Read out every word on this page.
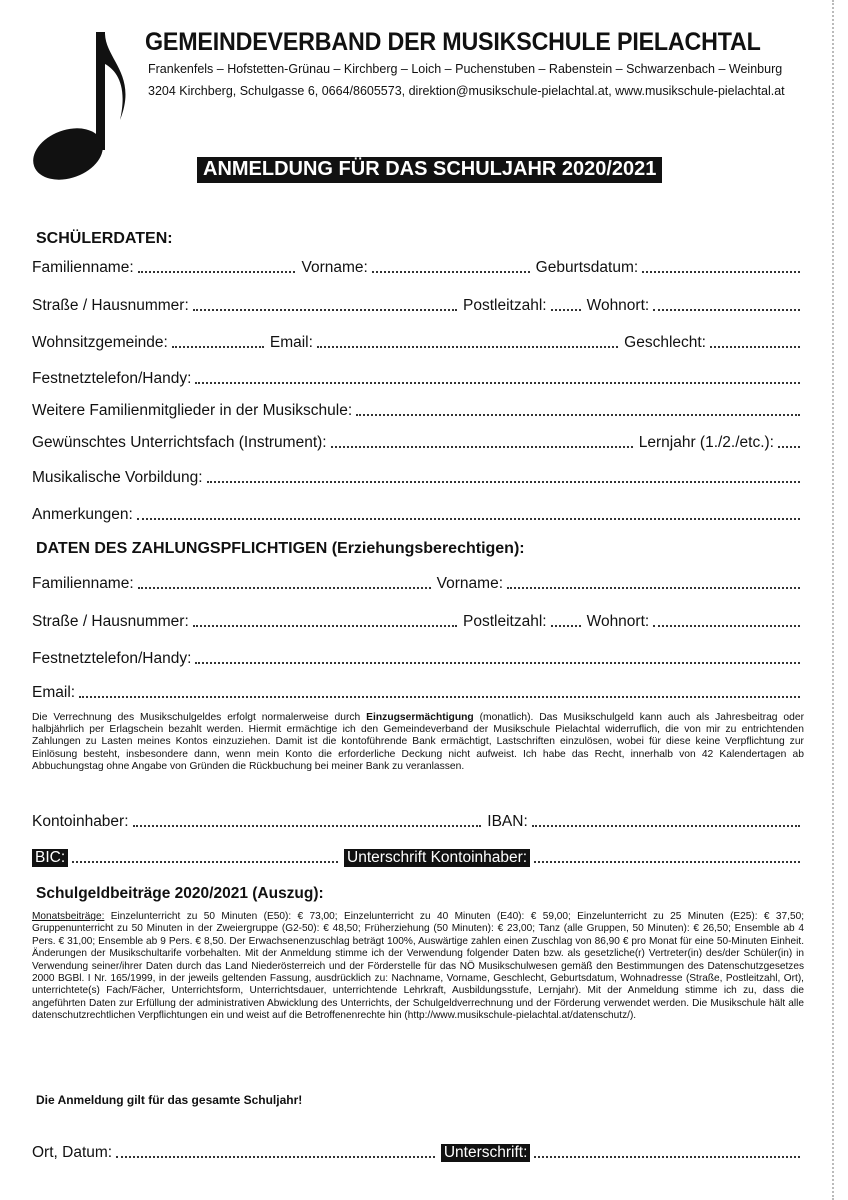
GEMEINDEVERBAND DER MUSIKSCHULE PIELACHTAL
Frankenfels – Hofstetten-Grünau – Kirchberg – Loich – Puchenstuben – Rabenstein – Schwarzenbach – Weinburg
3204 Kirchberg, Schulgasse 6, 0664/8605573, direktion@musikschule-pielachtal.at, www.musikschule-pielachtal.at
ANMELDUNG FÜR DAS SCHULJAHR 2020/2021
SCHÜLERDATEN:
Familienname:	Vorname:	Geburtsdatum:
Straße / Hausnummer:	Postleitzahl:	Wohnort:
Wohnsitzgemeinde:	Email:	Geschlecht:
Festnetztelefon/Handy:
Weitere Familienmitglieder in der Musikschule:
Gewünschtes Unterrichtsfach (Instrument):	Lernjahr (1./2./etc.):
Musikalische Vorbildung:
Anmerkungen:
DATEN DES ZAHLUNGSPFLICHTIGEN (Erziehungsberechtigen):
Familienname:	Vorname:
Straße / Hausnummer:	Postleitzahl:	Wohnort:
Festnetztelefon/Handy:
Email:
Die Verrechnung des Musikschulgeldes erfolgt normalerweise durch Einzugsermächtigung (monatlich). Das Musikschulgeld kann auch als Jahresbeitrag oder halbjährlich per Erlagschein bezahlt werden. Hiermit ermächtige ich den Gemeindeverband der Musikschule Pielachtal widerruflich, die von mir zu entrichtenden Zahlungen zu Lasten meines Kontos einzuziehen. Damit ist die kontoführende Bank ermächtigt, Lastschriften einzulösen, wobei für diese keine Verpflichtung zur Einlösung besteht, insbesondere dann, wenn mein Konto die erforderliche Deckung nicht aufweist. Ich habe das Recht, innerhalb von 42 Kalendertagen ab Abbuchungstag ohne Angabe von Gründen die Rückbuchung bei meiner Bank zu veranlassen.
Kontoinhaber:	IBAN:
BIC:	Unterschrift Kontoinhaber:
Schulgeldbeiträge 2020/2021 (Auszug):
Monatsbeiträge: Einzelunterricht zu 50 Minuten (E50): € 73,00; Einzelunterricht zu 40 Minuten (E40): € 59,00; Einzelunterricht zu 25 Minuten (E25): € 37,50; Gruppenunterricht zu 50 Minuten in der Zweiergruppe (G2-50): € 48,50; Früherziehung (50 Minuten): € 23,00; Tanz (alle Gruppen, 50 Minuten): € 26,50; Ensemble ab 4 Pers. € 31,00; Ensemble ab 9 Pers. € 8,50. Der Erwachsenenzuschlag beträgt 100%, Auswärtige zahlen einen Zuschlag von 86,90 € pro Monat für eine 50-Minuten Einheit. Änderungen der Musikschultarife vorbehalten. Mit der Anmeldung stimme ich der Verwendung folgender Daten bzw. als gesetzliche(r) Vertreter(in) des/der Schüler(in) in Verwendung seiner/ihrer Daten durch das Land Niederösterreich und der Förderstelle für das NÖ Musikschulwesen gemäß den Bestimmungen des Datenschutzgesetzes 2000 BGBl. I Nr. 165/1999, in der jeweils geltenden Fassung, ausdrücklich zu: Nachname, Vorname, Geschlecht, Geburtsdatum, Wohnadresse (Straße, Postleitzahl, Ort), unterrichtete(s) Fach/Fächer, Unterrichtsform, Unterrichtsdauer, unterrichtende Lehrkraft, Ausbildungsstufe, Lernjahr). Mit der Anmeldung stimme ich zu, dass die angeführten Daten zur Erfüllung der administrativen Abwicklung des Unterrichts, der Schulgeldverrechnung und der Förderung verwendet werden. Die Musikschule hält alle datenschutzrechtlichen Verpflichtungen ein und weist auf die Betroffenenrechte hin (http://www.musikschule-pielachtal.at/datenschutz/).
Die Anmeldung gilt für das gesamte Schuljahr!
Ort, Datum:	Unterschrift:
